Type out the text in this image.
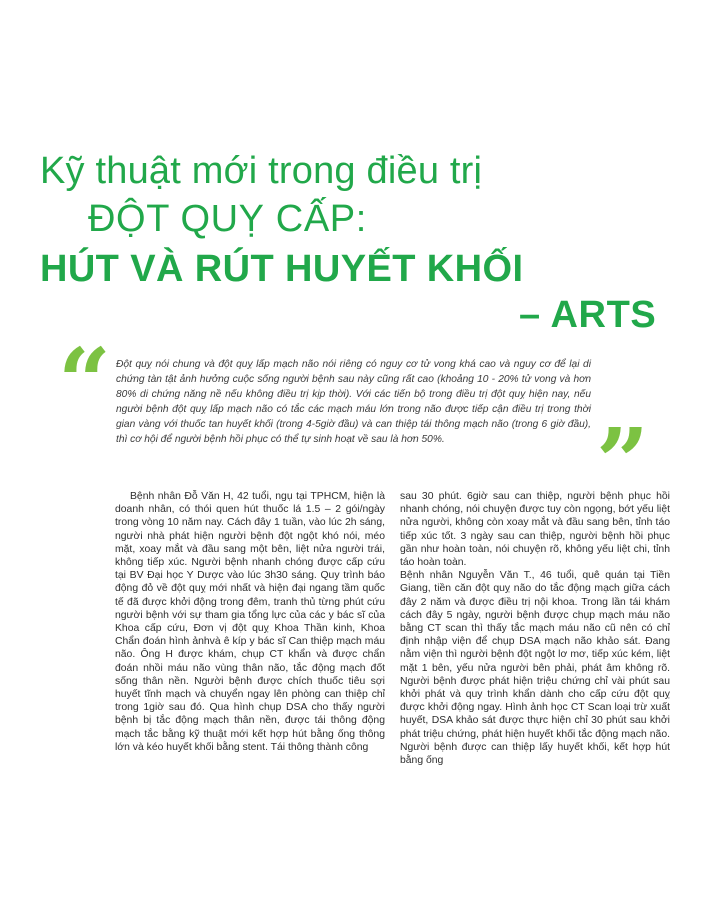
Kỹ thuật mới trong điều trị
ĐỘT QUỴ CẤP:
HÚT VÀ RÚT HUYẾT KHỐI
– ARTS
“ Đột quỵ nói chung và đột quỵ lấp mạch não nói riêng có nguy cơ tử vong khá cao và nguy cơ để lại di chứng tàn tật ảnh hưởng cuộc sống người bệnh sau này cũng rất cao (khoảng 10 - 20% tử vong và hơn 80% di chứng năng nề nếu không điều trị kịp thời). Với các tiến bộ trong điều trị đột quỵ hiện nay, nếu người bệnh đột quỵ lấp mạch não có tắc các mạch máu lớn trong não được tiếp cận điều trị trong thời gian vàng với thuốc tan huyết khối (trong 4-5giờ đầu) và can thiệp tái thông mạch não (trong 6 giờ đầu), thì cơ hội để người bệnh hồi phục có thể tự sinh hoạt về sau là hơn 50%.	”

Bệnh nhân Đỗ Văn H, 42 tuổi, ngụ tại TPHCM, hiện là doanh nhân, có thói quen hút thuốc lá 1.5 – 2 gói/ngày trong vòng 10 năm nay. Cách đây 1 tuần, vào lúc 2h sáng, người nhà phát hiện người bệnh đột ngột khó nói, méo mặt, xoay mắt và đầu sang một bên, liệt nửa người trái, không tiếp xúc. Người bệnh nhanh chóng được cấp cứu tại BV Đại học Y Dược vào lúc 3h30 sáng. Quy trình báo động đỏ về đột quỵ mới nhất và hiện đại ngang tầm quốc tế đã được khởi động trong đêm, tranh thủ từng phút cứu người bệnh với sự tham gia tổng lực của các y bác sĩ của Khoa cấp cứu, Đơn vị đột quỵ Khoa Thần kinh, Khoa Chẩn đoán hình ảnhvà ê kíp y bác sĩ Can thiệp mạch máu não. Ông H được khám, chụp CT khẩn và được chẩn đoán nhồi máu não vùng thân não, tắc động mạch đốt sống thân nền. Người bệnh được chích thuốc tiêu sợi huyết tĩnh mạch và chuyển ngay lên phòng can thiệp chỉ trong 1giờ sau đó. Qua hình chụp DSA cho thấy người bệnh bị tắc động mạch thân nền, được tái thông động mạch tắc bằng kỹ thuật mới kết hợp hút bằng ống thông lớn và kéo huyết khối bằng stent. Tái thông thành công

sau 30 phút. 6giờ sau can thiệp, người bệnh phục hồi nhanh chóng, nói chuyện được tuy còn ngọng, bớt yếu liệt nửa người, không còn xoay mắt và đầu sang bên, tỉnh táo tiếp xúc tốt. 3 ngày sau can thiệp, người bệnh hồi phục gần như hoàn toàn, nói chuyện rõ, không yếu liệt chi, tỉnh táo hoàn toàn.

Bệnh nhân Nguyễn Văn T., 46 tuổi, quê quán tại Tiền Giang, tiền căn đột quỵ não do tắc động mạch giữa cách đây 2 năm và được điều trị nội khoa. Trong lần tái khám cách đây 5 ngày, người bệnh được chụp mạch máu não bằng CT scan thì thấy tắc mạch máu não cũ nên có chỉ định nhập viện để chụp DSA mạch não khảo sát. Đang nằm viện thì người bệnh đột ngột lơ mơ, tiếp xúc kém, liệt mặt 1 bên, yếu nửa người bên phải, phát âm không rõ. Người bệnh được phát hiện triệu chứng chỉ vài phút sau khởi phát và quy trình khẩn dành cho cấp cứu đột quỵ được khởi động ngay. Hình ảnh học CT Scan loại trừ xuất huyết, DSA khảo sát được thực hiện chỉ 30 phút sau khởi phát triệu chứng, phát hiện huyết khối tắc động mạch não. Người bệnh được can thiệp lấy huyết khối, kết hợp hút bằng ống
